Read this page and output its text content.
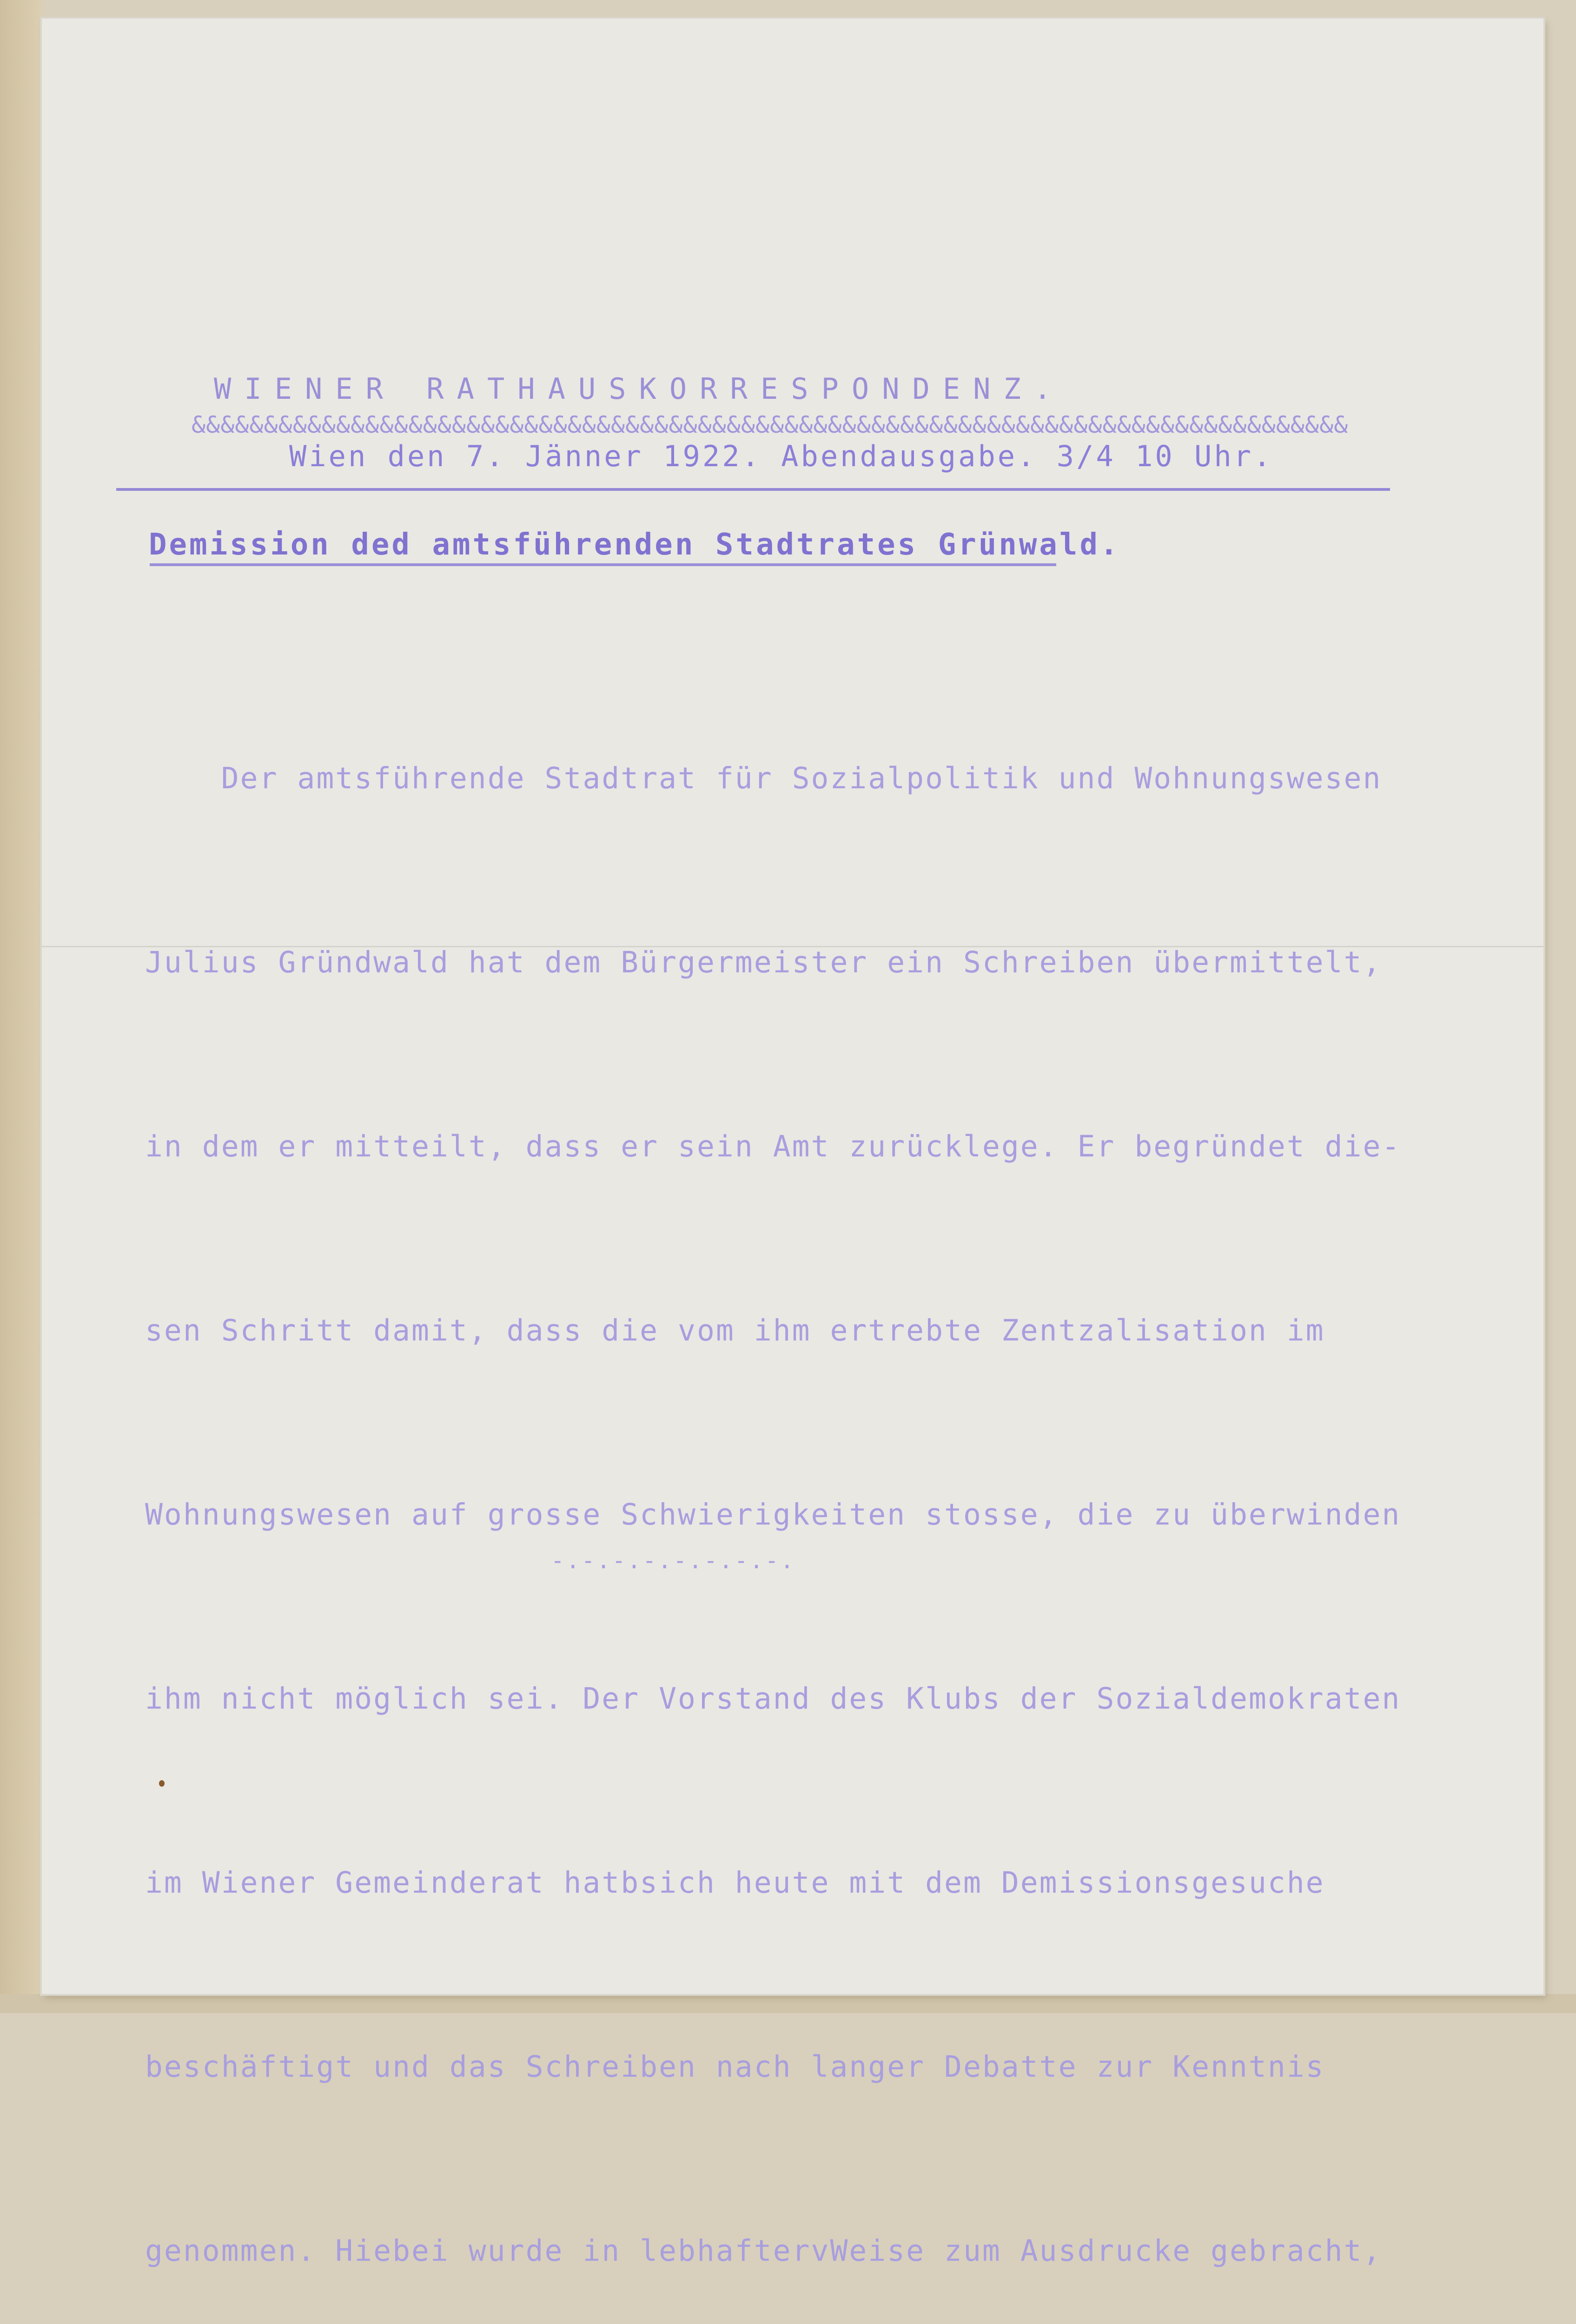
WIENER RATHAUSKORRESPONDENZ.

&&&&&&&&&&&&&&&&&&&&&&&&&&&&&&&&&&&&&&&&&&&&&&&&&&&&&&&&&&&&&&&&&&&&&&&&&&&&&&&&

Wien den 7. Jänner 1922. Abendausgabe. 3/4 10 Uhr.

Demission ded amtsführenden Stadtrates Grünwald.

Der amtsführende Stadtrat für Sozialpolitik und Wohnungswesen

Julius Gründwald hat dem Bürgermeister ein Schreiben übermittelt,

in dem er mitteilt, dass er sein Amt zurücklege. Er begründet die-

sen Schritt damit, dass die vom ihm ertrebte Zentzalisation im

Wohnungswesen auf grosse Schwierigkeiten stosse, die zu überwinden

ihm nicht möglich sei. Der Vorstand des Klubs der Sozialdemokraten

im Wiener Gemeinderat hatbsich heute mit dem Demissionsgesuche

beschäftigt und das Schreiben nach langer Debatte zur Kenntnis

genommen. Hiebei wurde in lebhaftervWeise zum Ausdrucke gebracht,

-.-.-.-.-.-.-.-.
